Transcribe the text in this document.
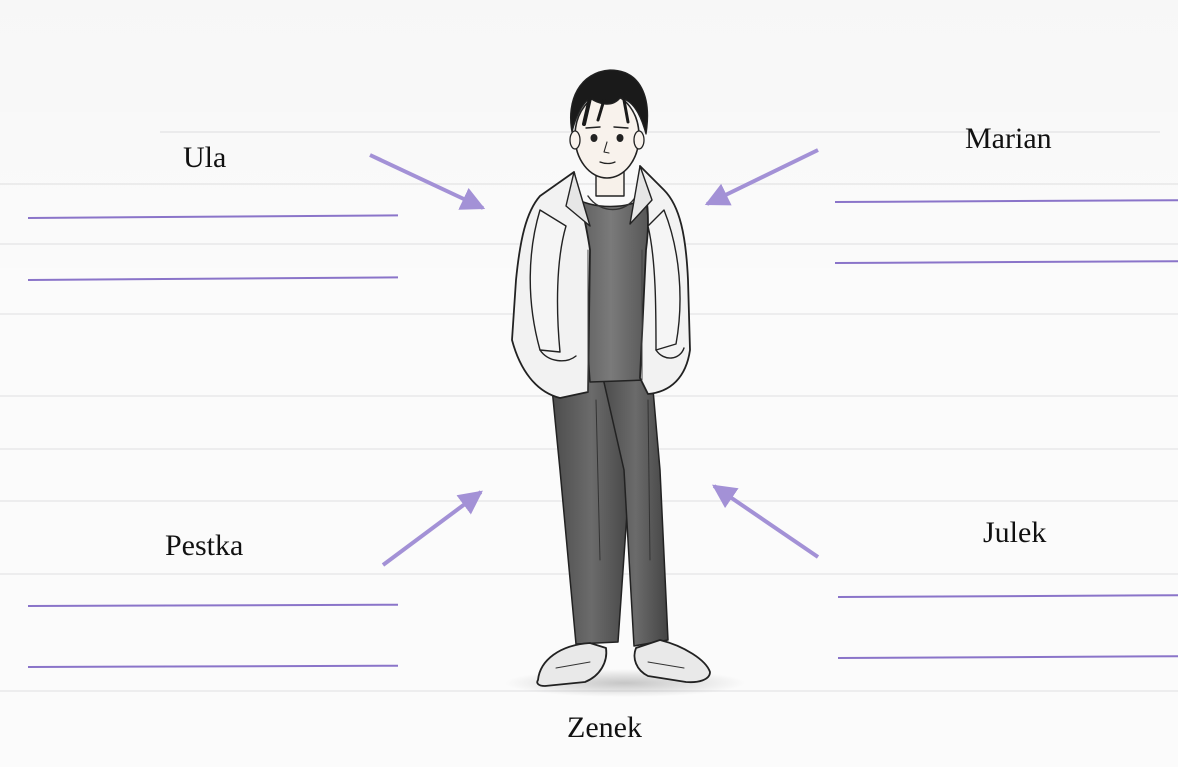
Ula
Marian
Pestka	Julek
Zenek
